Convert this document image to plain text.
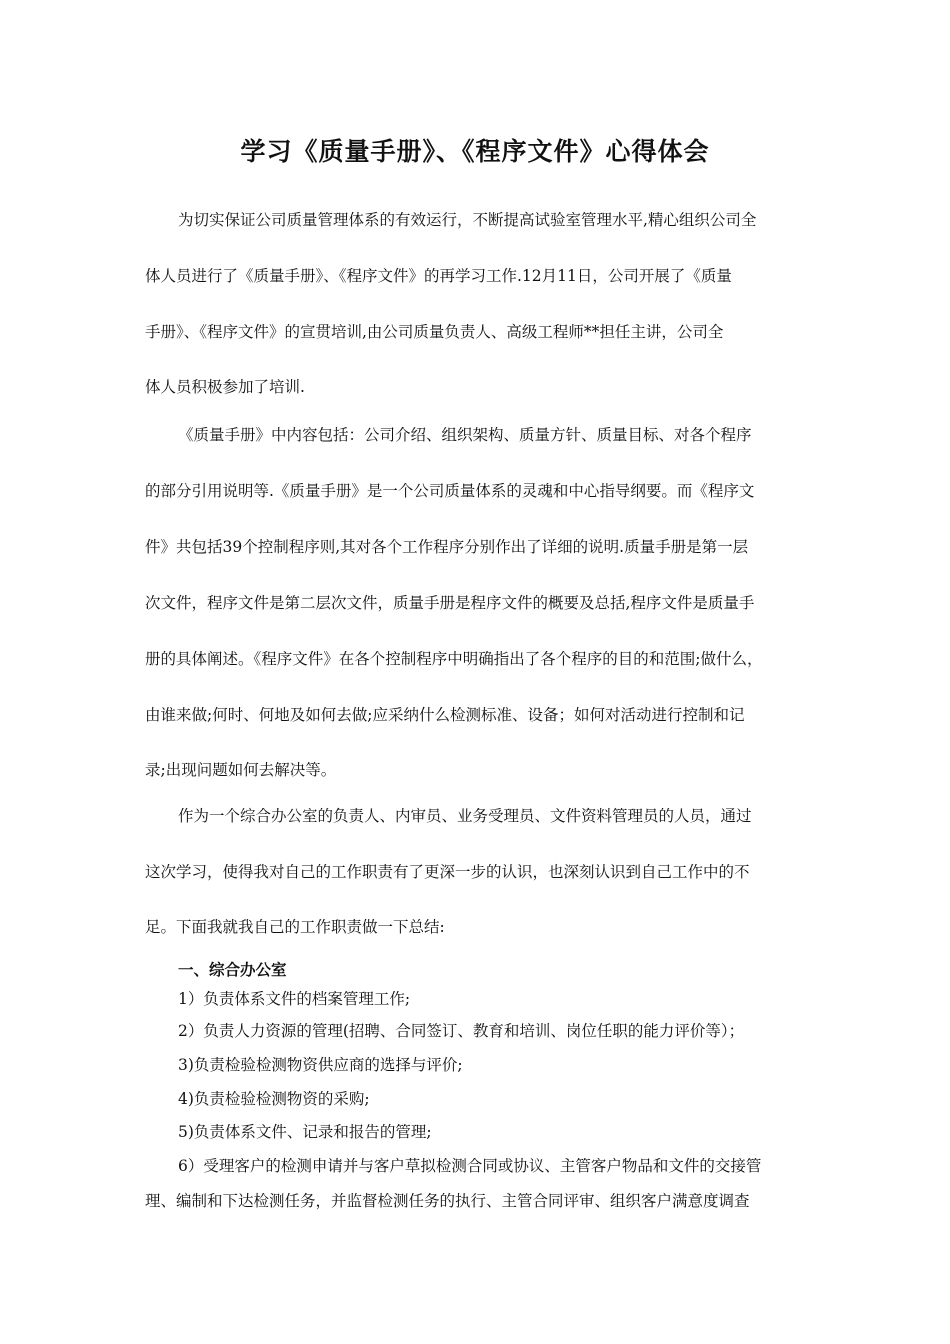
学习《质量手册》、《程序文件》心得体会
为切实保证公司质量管理体系的有效运行，不断提高试验室管理水平,精心组织公司全
体人员进行了《质量手册》、《程序文件》的再学习工作.12月11日，公司开展了《质量
手册》、《程序文件》的宣贯培训,由公司质量负责人、高级工程师**担任主讲，公司全
体人员积极参加了培训.
《质量手册》中内容包括：公司介绍、组织架构、质量方针、质量目标、对各个程序
的部分引用说明等.《质量手册》是一个公司质量体系的灵魂和中心指导纲要。而《程序文
件》共包括39个控制程序则,其对各个工作程序分别作出了详细的说明.质量手册是第一层
次文件，程序文件是第二层次文件，质量手册是程序文件的概要及总括,程序文件是质量手
册的具体阐述。《程序文件》在各个控制程序中明确指出了各个程序的目的和范围;做什么，
由谁来做;何时、何地及如何去做;应采纳什么检测标准、设备；如何对活动进行控制和记
录;出现问题如何去解决等。
作为一个综合办公室的负责人、内审员、业务受理员、文件资料管理员的人员，通过
这次学习，使得我对自己的工作职责有了更深一步的认识，也深刻认识到自己工作中的不
足。下面我就我自己的工作职责做一下总结:
一、综合办公室
1）负责体系文件的档案管理工作;
2）负责人力资源的管理(招聘、合同签订、教育和培训、岗位任职的能力评价等）；
3)负责检验检测物资供应商的选择与评价;
4)负责检验检测物资的采购;
5)负责体系文件、记录和报告的管理;
6）受理客户的检测申请并与客户草拟检测合同或协议、主管客户物品和文件的交接管
理、编制和下达检测任务，并监督检测任务的执行、主管合同评审、组织客户满意度调查
